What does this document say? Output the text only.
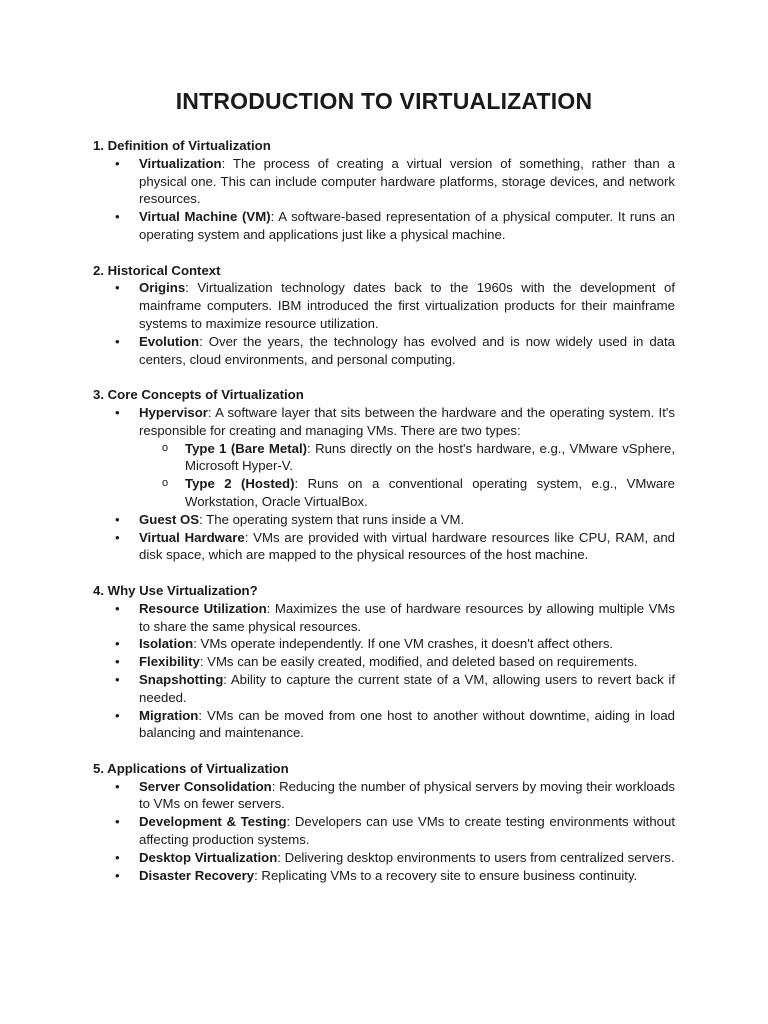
INTRODUCTION TO VIRTUALIZATION

1. Definition of Virtualization

• Virtualization: The process of creating a virtual version of something, rather than a physical one. This can include computer hardware platforms, storage devices, and network resources.
• Virtual Machine (VM): A software-based representation of a physical computer. It runs an operating system and applications just like a physical machine.

2. Historical Context

• Origins: Virtualization technology dates back to the 1960s with the development of mainframe computers. IBM introduced the first virtualization products for their mainframe systems to maximize resource utilization.
• Evolution: Over the years, the technology has evolved and is now widely used in data centers, cloud environments, and personal computing.

3. Core Concepts of Virtualization

• Hypervisor: A software layer that sits between the hardware and the operating system. It's responsible for creating and managing VMs. There are two types:
o Type 1 (Bare Metal): Runs directly on the host's hardware, e.g., VMware vSphere, Microsoft Hyper-V.
o Type 2 (Hosted): Runs on a conventional operating system, e.g., VMware Workstation, Oracle VirtualBox.
• Guest OS: The operating system that runs inside a VM.
• Virtual Hardware: VMs are provided with virtual hardware resources like CPU, RAM, and disk space, which are mapped to the physical resources of the host machine.

4. Why Use Virtualization?

• Resource Utilization: Maximizes the use of hardware resources by allowing multiple VMs to share the same physical resources.
• Isolation: VMs operate independently. If one VM crashes, it doesn't affect others.
• Flexibility: VMs can be easily created, modified, and deleted based on requirements.
• Snapshotting: Ability to capture the current state of a VM, allowing users to revert back if needed.
• Migration: VMs can be moved from one host to another without downtime, aiding in load balancing and maintenance.

5. Applications of Virtualization

• Server Consolidation: Reducing the number of physical servers by moving their workloads to VMs on fewer servers.
• Development & Testing: Developers can use VMs to create testing environments without affecting production systems.
• Desktop Virtualization: Delivering desktop environments to users from centralized servers.
• Disaster Recovery: Replicating VMs to a recovery site to ensure business continuity.
